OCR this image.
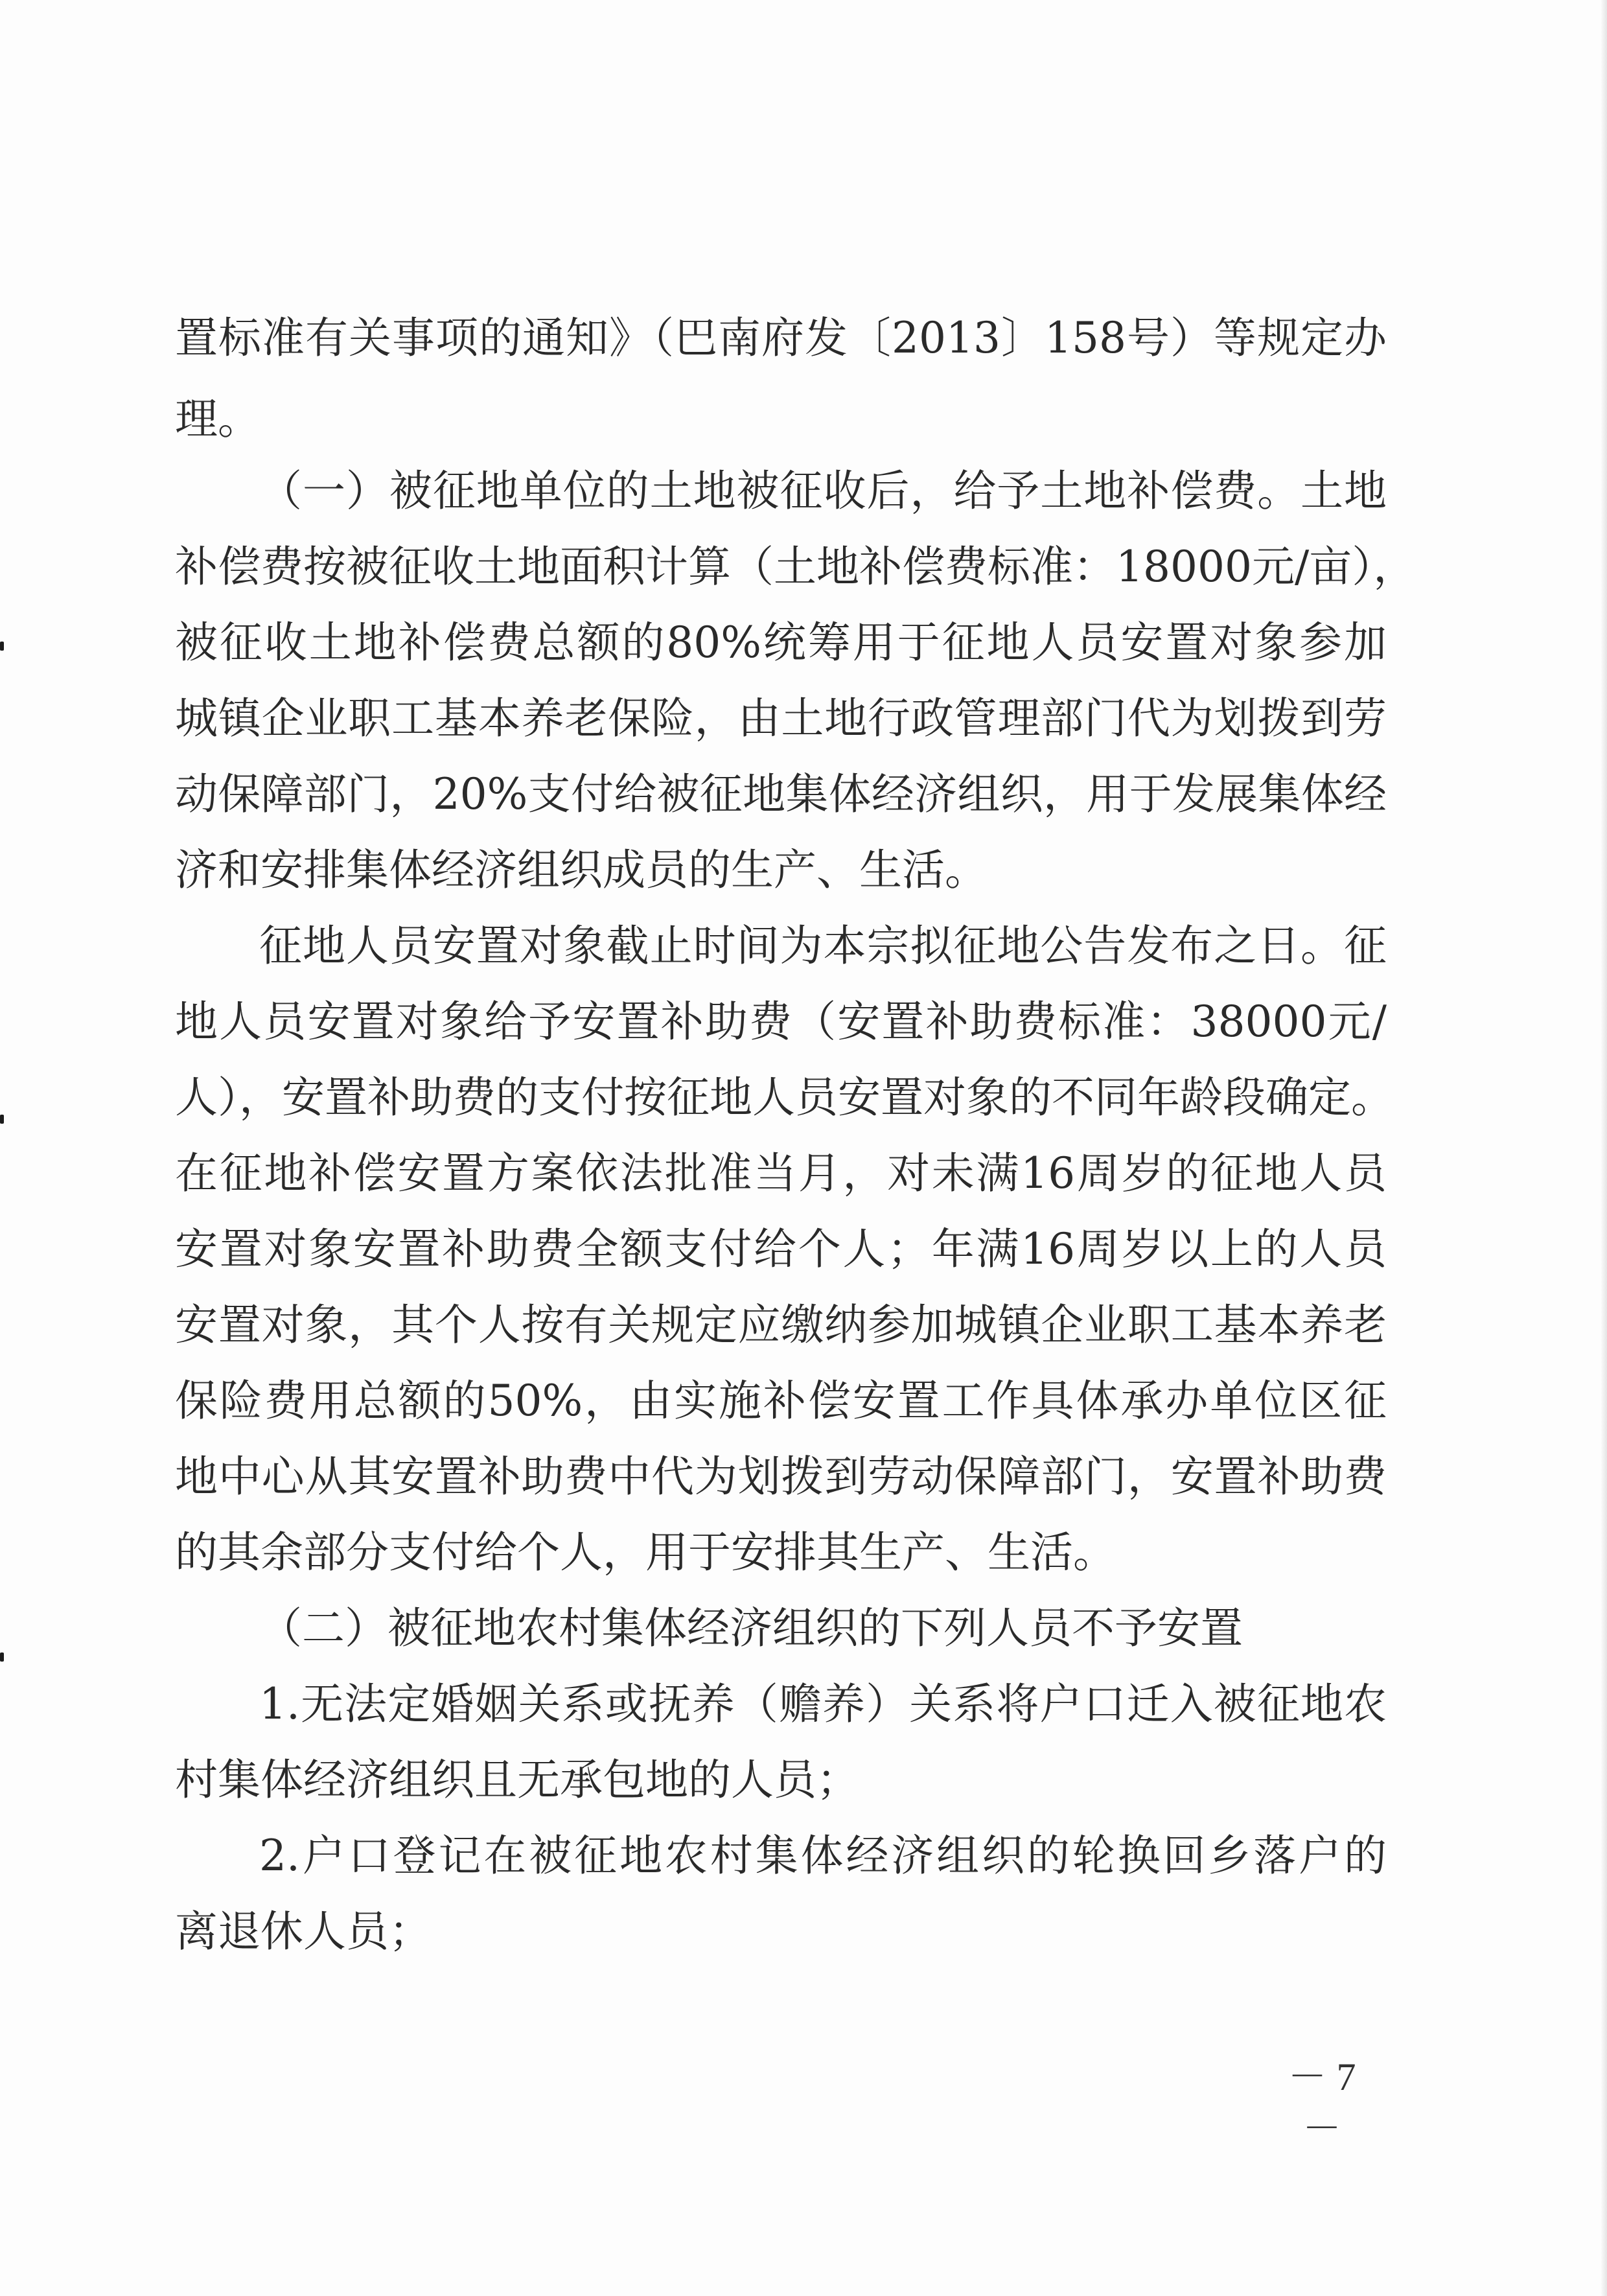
置标准有关事项的通知》（巴南府发〔2013〕158号）等规定办
理。
（一）被征地单位的土地被征收后，给予土地补偿费。土地
补偿费按被征收土地面积计算（土地补偿费标准：18000元/亩），
被征收土地补偿费总额的80%统筹用于征地人员安置对象参加
城镇企业职工基本养老保险，由土地行政管理部门代为划拨到劳
动保障部门，20%支付给被征地集体经济组织，用于发展集体经
济和安排集体经济组织成员的生产、生活。
征地人员安置对象截止时间为本宗拟征地公告发布之日。征
地人员安置对象给予安置补助费（安置补助费标准：38000元/
人），安置补助费的支付按征地人员安置对象的不同年龄段确定。
在征地补偿安置方案依法批准当月，对未满16周岁的征地人员
安置对象安置补助费全额支付给个人；年满16周岁以上的人员
安置对象，其个人按有关规定应缴纳参加城镇企业职工基本养老
保险费用总额的50%，由实施补偿安置工作具体承办单位区征
地中心从其安置补助费中代为划拨到劳动保障部门，安置补助费
的其余部分支付给个人，用于安排其生产、生活。
（二）被征地农村集体经济组织的下列人员不予安置
1.无法定婚姻关系或抚养（赡养）关系将户口迁入被征地农
村集体经济组织且无承包地的人员；
2.户口登记在被征地农村集体经济组织的轮换回乡落户的
离退休人员；
－ 7 －
